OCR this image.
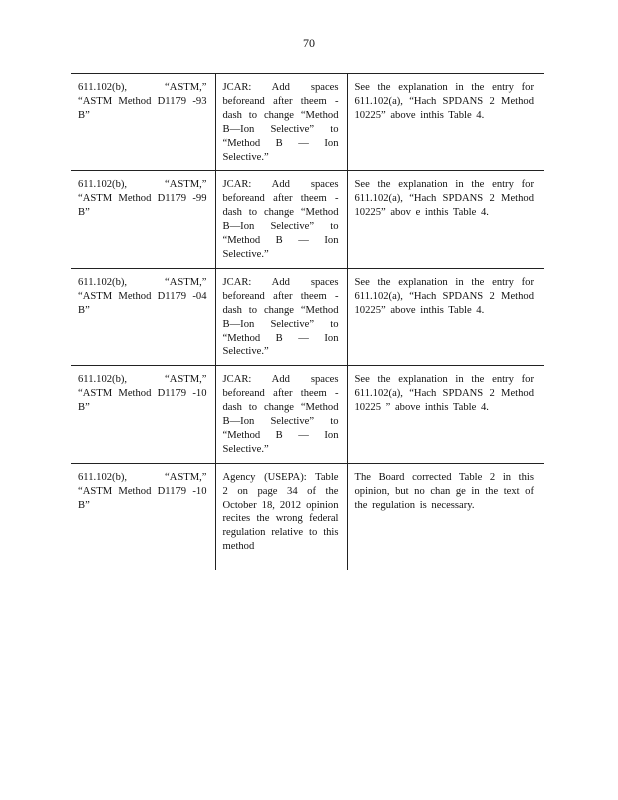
70
611.102(b), “ASTM,” “ASTM Method D1179 -93 B”	JCAR: Add spaces beforeand after theem - dash to change “Method B—Ion Selective” to “Method B — Ion Selective.”	See the explanation in the entry for 611.102(a), “Hach SPDANS 2 Method 10225” above inthis Table 4.
611.102(b), “ASTM,” “ASTM Method D1179 -99 B”	JCAR: Add spaces beforeand after theem - dash to change “Method B—Ion Selective” to “Method B — Ion Selective.”	See the explanation in the entry for 611.102(a), “Hach SPDANS 2 Method 10225” abov e inthis Table 4.
611.102(b), “ASTM,” “ASTM Method D1179 -04 B”	JCAR: Add spaces beforeand after theem - dash to change “Method B—Ion Selective” to “Method B — Ion Selective.”	See the explanation in the entry for 611.102(a), “Hach SPDANS 2 Method 10225” above inthis Table 4.
611.102(b), “ASTM,” “ASTM Method D1179 -10 B”	JCAR: Add spaces beforeand after theem - dash to change “Method B—Ion Selective” to “Method B — Ion Selective.”	See the explanation in the entry for 611.102(a), “Hach SPDANS 2 Method 10225 ” above inthis Table 4.
611.102(b), “ASTM,” “ASTM Method D1179 -10 B”	Agency (USEPA): Table 2 on page 34 of the October 18, 2012 opinion recites the wrong federal regulation relative to this method	The Board corrected Table 2 in this opinion, but no chan ge in the text of the regulation is necessary.
